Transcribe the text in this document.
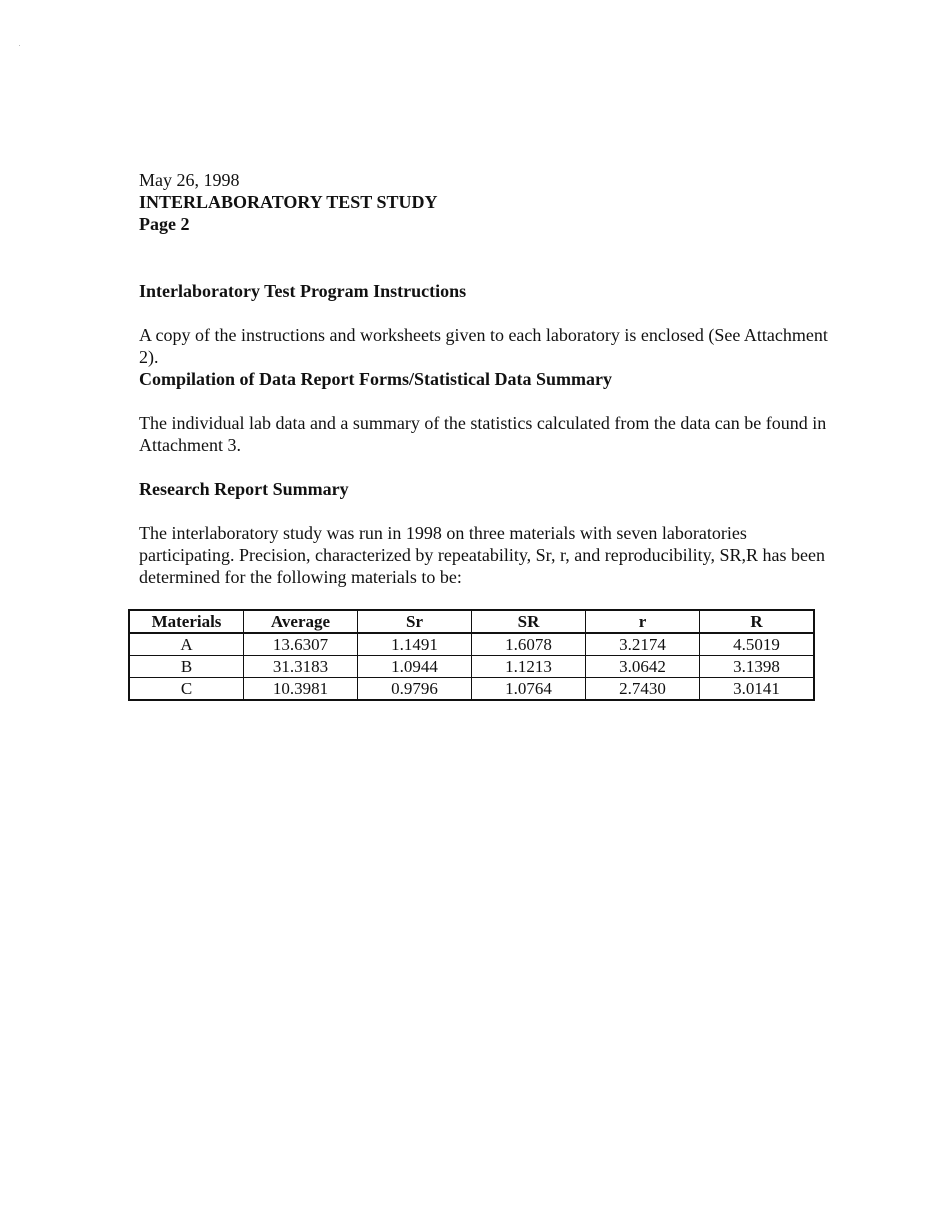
May 26, 1998
INTERLABORATORY TEST STUDY
Page 2
Interlaboratory Test Program Instructions

A copy of the instructions and worksheets given to each laboratory is enclosed (See Attachment 2).

Compilation of Data Report Forms/Statistical Data Summary

The individual lab data and a summary of the statistics calculated from the data can be found in Attachment 3.

Research Report Summary

The interlaboratory study was run in 1998 on three materials with seven laboratories participating. Precision, characterized by repeatability, Sr, r, and reproducibility, SR,R has been determined for the following materials to be:

Materials	Average	Sr	SR	r	R
A	13.6307	1.1491	1.6078	3.2174	4.5019
B	31.3183	1.0944	1.1213	3.0642	3.1398
C	10.3981	0.9796	1.0764	2.7430	3.0141
